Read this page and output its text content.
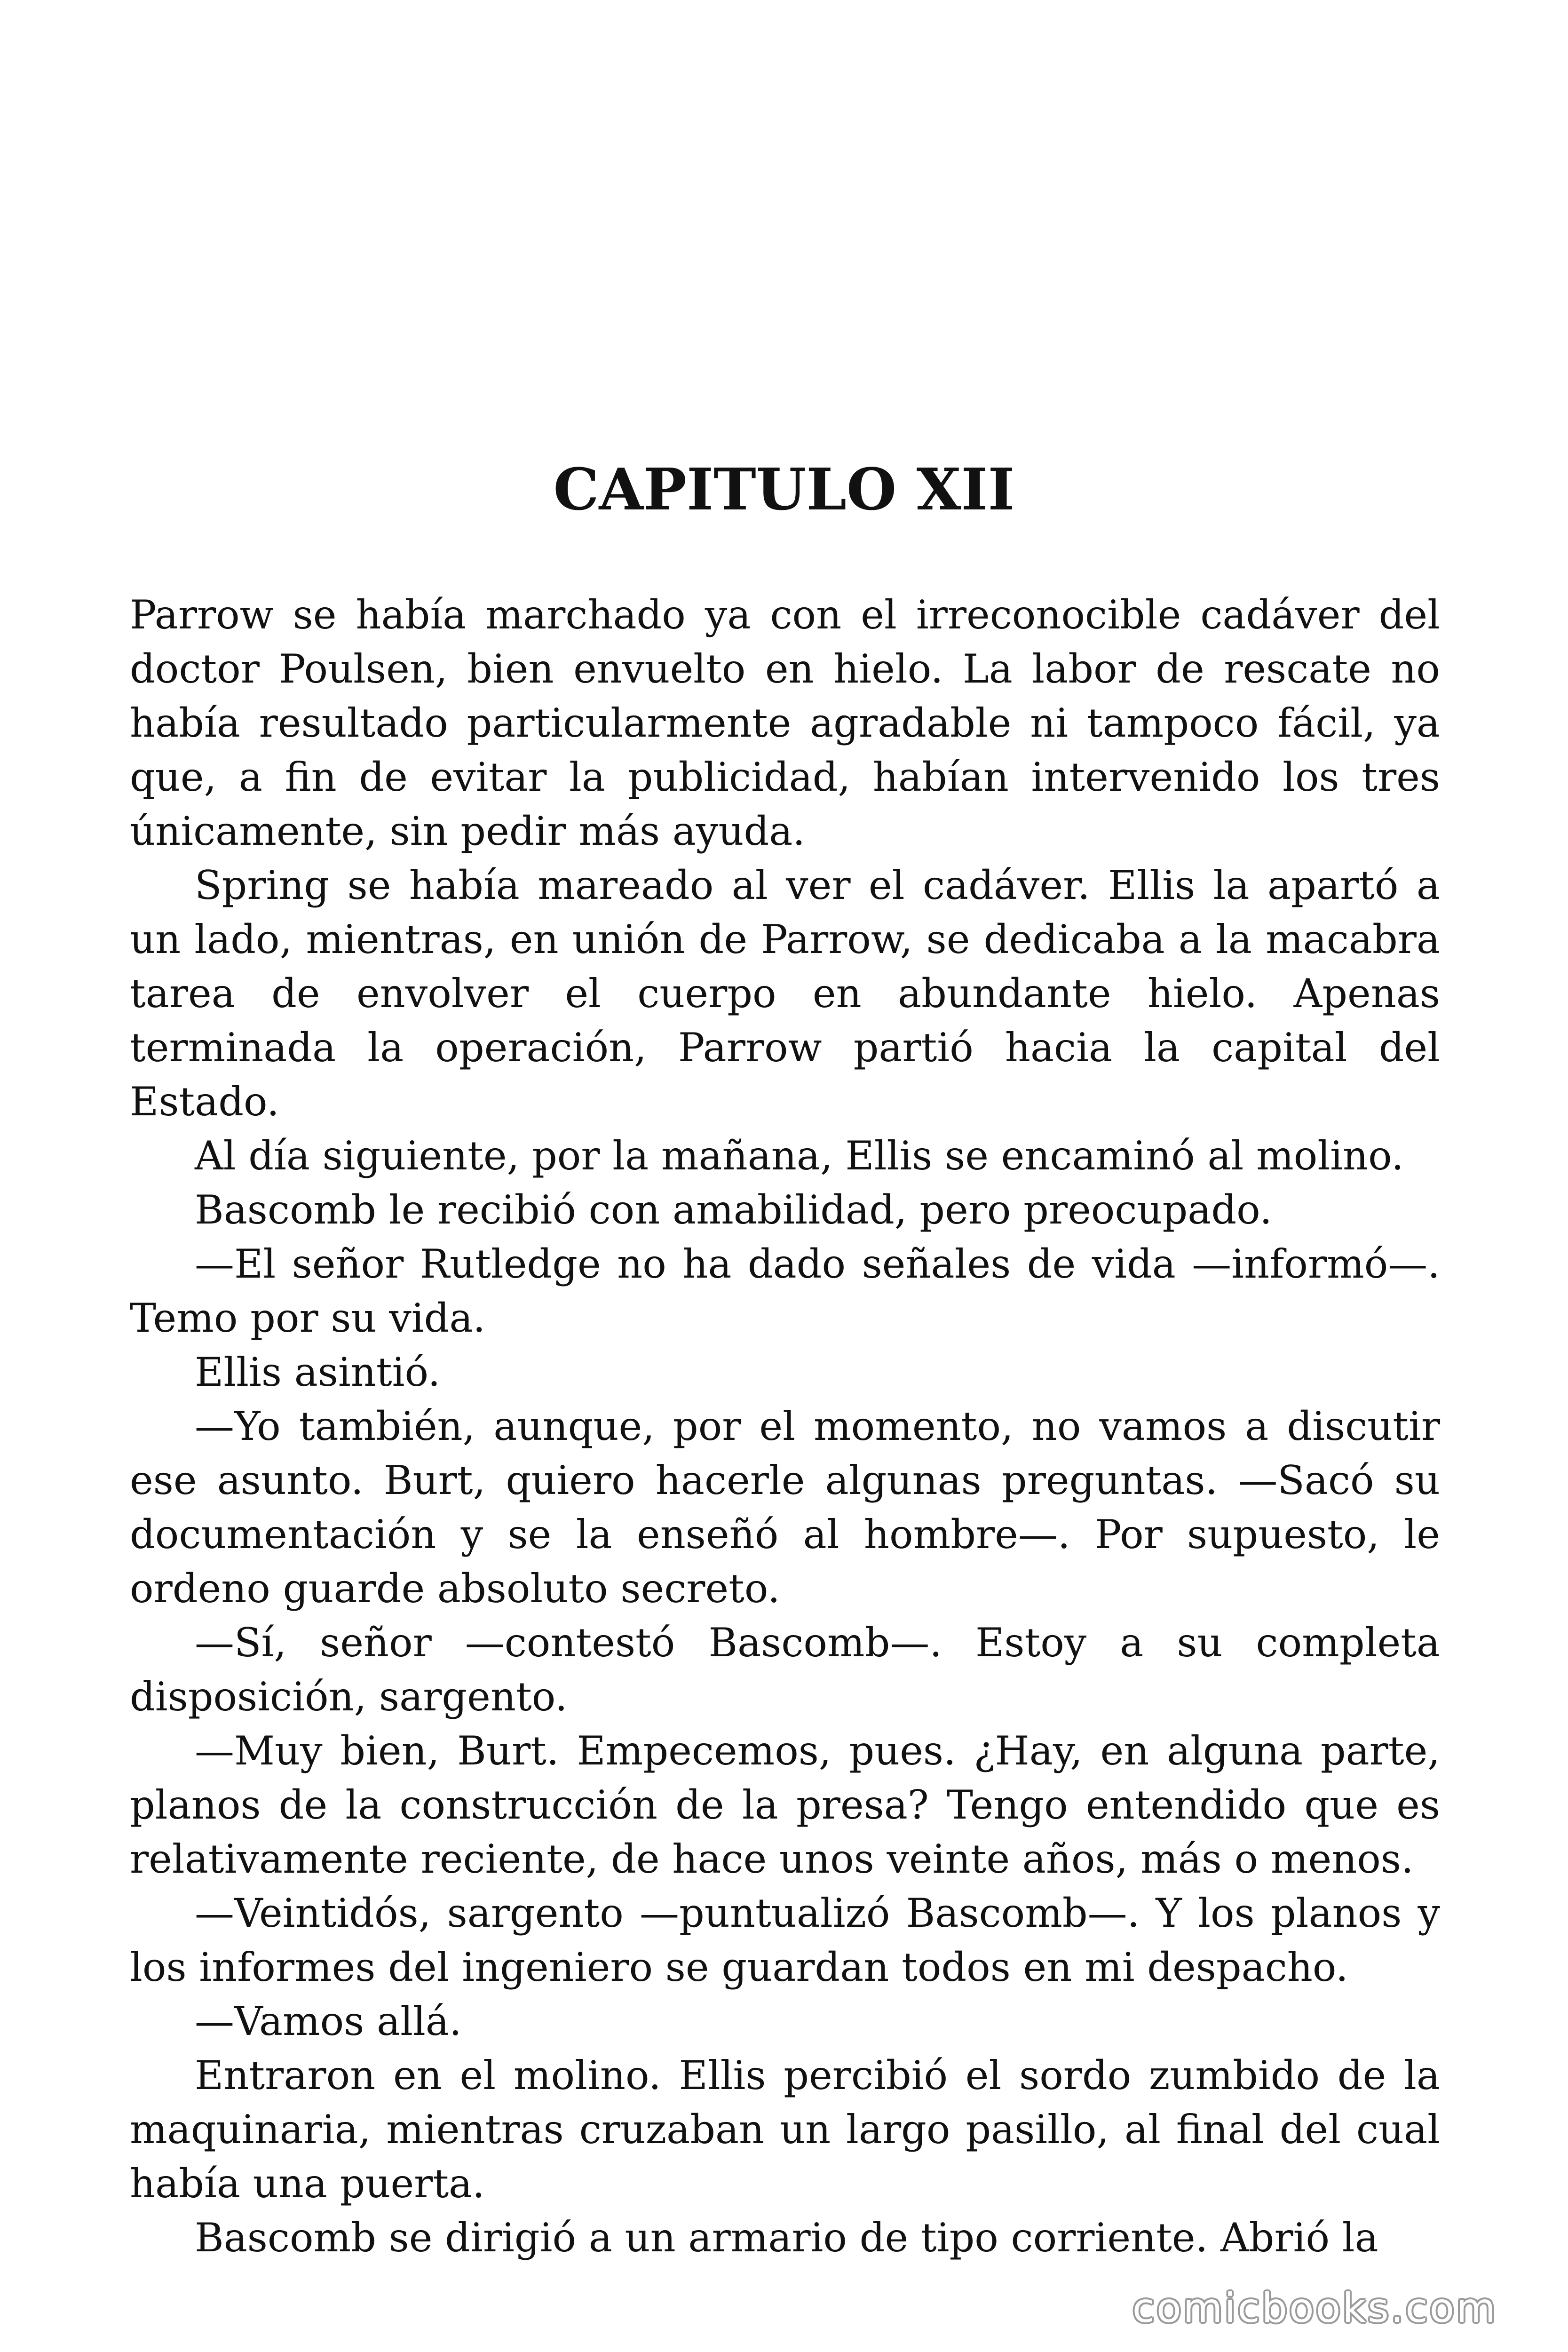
CAPITULO XII

Parrow se había marchado ya con el irreconocible cadáver del doctor Poulsen, bien envuelto en hielo. La labor de rescate no había resultado particularmente agradable ni tampoco fácil, ya que, a fin de evitar la publicidad, habían intervenido los tres únicamente, sin pedir más ayuda.

Spring se había mareado al ver el cadáver. Ellis la apartó a un lado, mientras, en unión de Parrow, se dedicaba a la macabra tarea de envolver el cuerpo en abundante hielo. Apenas terminada la operación, Parrow partió hacia la capital del Estado.

Al día siguiente, por la mañana, Ellis se encaminó al molino.

Bascomb le recibió con amabilidad, pero preocupado.

—El señor Rutledge no ha dado señales de vida —informó—. Temo por su vida.

Ellis asintió.

—Yo también, aunque, por el momento, no vamos a discutir ese asunto. Burt, quiero hacerle algunas preguntas. —Sacó su documentación y se la enseñó al hombre—. Por supuesto, le ordeno guarde absoluto secreto.

—Sí, señor —contestó Bascomb—. Estoy a su completa disposición, sargento.

—Muy bien, Burt. Empecemos, pues. ¿Hay, en alguna parte, planos de la construcción de la presa? Tengo entendido que es relativamente reciente, de hace unos veinte años, más o menos.

—Veintidós, sargento —puntualizó Bascomb—. Y los planos y los informes del ingeniero se guardan todos en mi despacho.

—Vamos allá.

Entraron en el molino. Ellis percibió el sordo zumbido de la maquinaria, mientras cruzaban un largo pasillo, al final del cual había una puerta.

Bascomb se dirigió a un armario de tipo corriente. Abrió la

comicbooks.com
